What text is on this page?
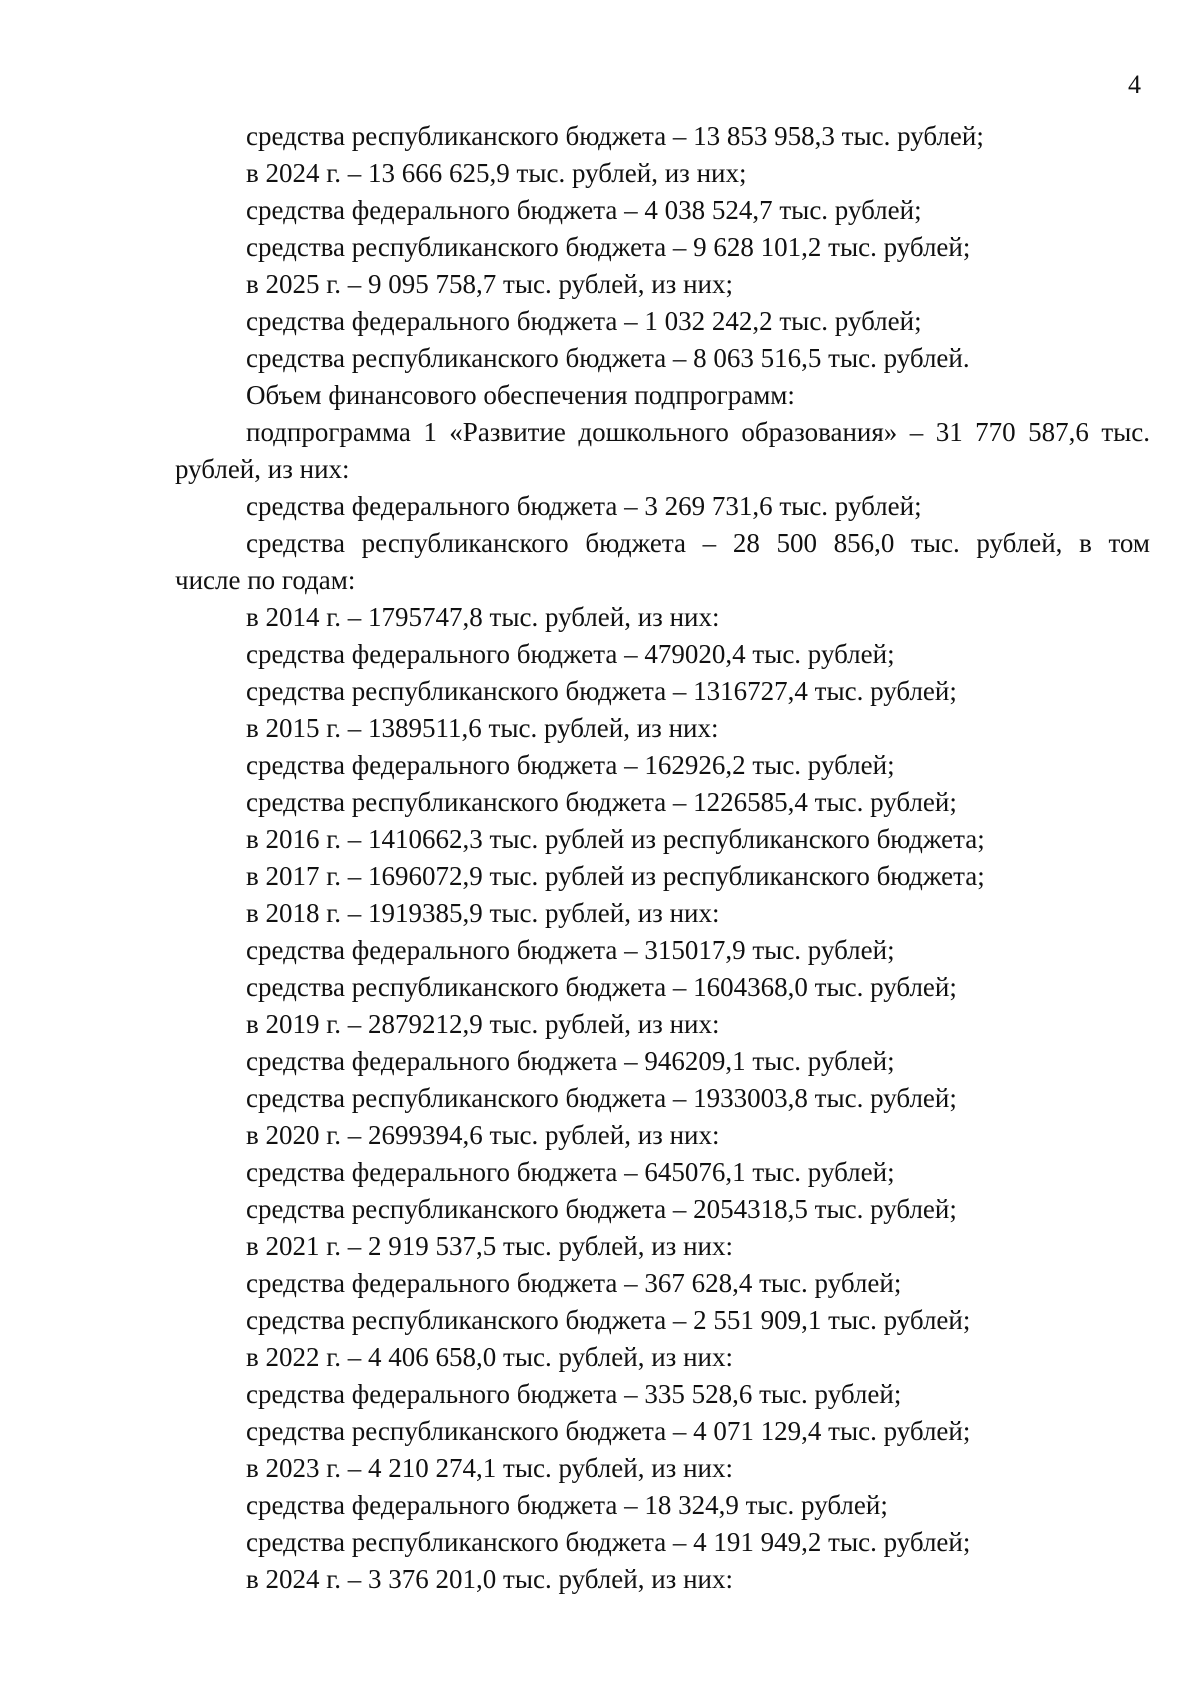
4
средства республиканского бюджета – 13 853 958,3 тыс. рублей;
в 2024 г. – 13 666 625,9 тыс. рублей, из них;
средства федерального бюджета – 4 038 524,7 тыс. рублей;
средства республиканского бюджета – 9 628 101,2 тыс. рублей;
в 2025 г. – 9 095 758,7 тыс. рублей, из них;
средства федерального бюджета – 1 032 242,2 тыс. рублей;
средства республиканского бюджета – 8 063 516,5 тыс. рублей.
Объем финансового обеспечения подпрограмм:
подпрограмма 1 «Развитие дошкольного образования» – 31 770 587,6 тыс.
рублей, из них:
средства федерального бюджета – 3 269 731,6 тыс. рублей;
средства республиканского бюджета – 28 500 856,0 тыс. рублей, в том
числе по годам:
в 2014 г. – 1795747,8 тыс. рублей, из них:
средства федерального бюджета – 479020,4 тыс. рублей;
средства республиканского бюджета – 1316727,4 тыс. рублей;
в 2015 г. – 1389511,6 тыс. рублей, из них:
средства федерального бюджета – 162926,2 тыс. рублей;
средства республиканского бюджета – 1226585,4 тыс. рублей;
в 2016 г. – 1410662,3 тыс. рублей из республиканского бюджета;
в 2017 г. – 1696072,9 тыс. рублей из республиканского бюджета;
в 2018 г. – 1919385,9 тыс. рублей, из них:
средства федерального бюджета – 315017,9 тыс. рублей;
средства республиканского бюджета – 1604368,0 тыс. рублей;
в 2019 г. – 2879212,9 тыс. рублей, из них:
средства федерального бюджета – 946209,1 тыс. рублей;
средства республиканского бюджета – 1933003,8 тыс. рублей;
в 2020 г. – 2699394,6 тыс. рублей, из них:
средства федерального бюджета – 645076,1 тыс. рублей;
средства республиканского бюджета – 2054318,5 тыс. рублей;
в 2021 г. – 2 919 537,5 тыс. рублей, из них:
средства федерального бюджета – 367 628,4 тыс. рублей;
средства республиканского бюджета – 2 551 909,1 тыс. рублей;
в 2022 г. – 4 406 658,0 тыс. рублей, из них:
средства федерального бюджета – 335 528,6 тыс. рублей;
средства республиканского бюджета – 4 071 129,4 тыс. рублей;
в 2023 г. – 4 210 274,1 тыс. рублей, из них:
средства федерального бюджета – 18 324,9 тыс. рублей;
средства республиканского бюджета – 4 191 949,2 тыс. рублей;
в 2024 г. – 3 376 201,0 тыс. рублей, из них:
